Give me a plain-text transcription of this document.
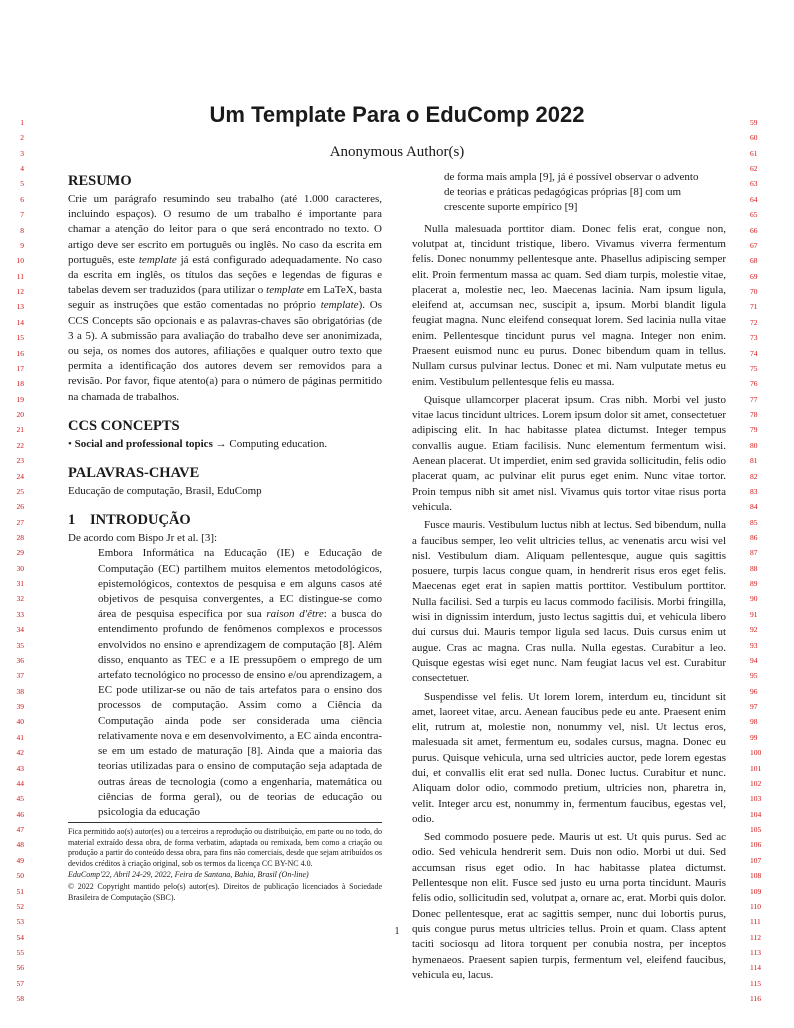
1
2
3
4
5
6
7
8
9
10
11
12
13
14
15
16
17
18
19
20
21
22
23
24
25
26
27
28
29
30
31
32
33
34
35
36
37
38
39
40
41
42
43
44
45
46
47
48
49
50
51
52
53
54
55
56
57
58
59
60
61
62
63
64
65
66
67
68
69
70
71
72
73
74
75
76
77
78
79
80
81
82
83
84
85
86
87
88
89
90
91
92
93
94
95
96
97
98
99
100
101
102
103
104
105
106
107
108
109
110
111
112
113
114
115
116
Um Template Para o EduComp 2022
Anonymous Author(s)
RESUMO

Crie um parágrafo resumindo seu trabalho (até 1.000 caracteres, incluindo espaços). O resumo de um trabalho é importante para chamar a atenção do leitor para o que será encontrado no texto. O artigo deve ser escrito em português ou inglês. No caso da escrita em português, este template já está configurado adequadamente. No caso da escrita em inglês, os títulos das seções e legendas de figuras e tabelas devem ser traduzidos (para utilizar o template em LaTeX, basta seguir as instruções que estão comentadas no próprio template). Os CCS Concepts são opcionais e as palavras-chaves são obrigatórias (de 3 a 5). A submissão para avaliação do trabalho deve ser anonimizada, ou seja, os nomes dos autores, afiliações e qualquer outro texto que permita a identificação dos autores devem ser removidos para a revisão. Por favor, fique atento(a) para o número de páginas permitido na chamada de trabalhos.

CCS CONCEPTS

• Social and professional topics → Computing education.

PALAVRAS-CHAVE

Educação de computação, Brasil, EduComp

1 INTRODUÇÃO

De acordo com Bispo Jr et al. [3]:

Embora Informática na Educação (IE) e Educação de Computação (EC) partilhem muitos elementos metodológicos, epistemológicos, contextos de pesquisa e em alguns casos até objetivos de pesquisa convergentes, a EC distingue-se como área de pesquisa específica por sua raison d'être: a busca do entendimento profundo de fenômenos complexos e processos envolvidos no ensino e aprendizagem de computação [8]. Além disso, enquanto as TEC e a IE pressupõem o emprego de um artefato tecnológico no processo de ensino e/ou aprendizagem, a EC pode utilizar-se ou não de tais artefatos para o ensino dos processos de computação. Assim como a Ciência da Computação ainda pode ser considerada uma ciência relativamente nova e em desenvolvimento, a EC ainda encontra-se em um estado de maturação [8]. Ainda que a maioria das teorias utilizadas para o ensino de computação seja adaptada de outras áreas de tecnologia (como a engenharia, matemática ou ciências de forma geral), ou de teorias de educação ou psicologia da educação

de forma mais ampla [9], já é possível observar o advento de teorias e práticas pedagógicas próprias [8] com um crescente suporte empírico [9]

Nulla malesuada porttitor diam. Donec felis erat, congue non, volutpat at, tincidunt tristique, libero. Vivamus viverra fermentum felis. Donec nonummy pellentesque ante. Phasellus adipiscing semper elit. Proin fermentum massa ac quam. Sed diam turpis, molestie vitae, placerat a, molestie nec, leo. Maecenas lacinia. Nam ipsum ligula, eleifend at, accumsan nec, suscipit a, ipsum. Morbi blandit ligula feugiat magna. Nunc eleifend consequat lorem. Sed lacinia nulla vitae enim. Pellentesque tincidunt purus vel magna. Integer non enim. Praesent euismod nunc eu purus. Donec bibendum quam in tellus. Nullam cursus pulvinar lectus. Donec et mi. Nam vulputate metus eu enim. Vestibulum pellentesque felis eu massa.

Quisque ullamcorper placerat ipsum. Cras nibh. Morbi vel justo vitae lacus tincidunt ultrices. Lorem ipsum dolor sit amet, consectetuer adipiscing elit. In hac habitasse platea dictumst. Integer tempus convallis augue. Etiam facilisis. Nunc elementum fermentum wisi. Aenean placerat. Ut imperdiet, enim sed gravida sollicitudin, felis odio placerat quam, ac pulvinar elit purus eget enim. Nunc vitae tortor. Proin tempus nibh sit amet nisl. Vivamus quis tortor vitae risus porta vehicula.

Fusce mauris. Vestibulum luctus nibh at lectus. Sed bibendum, nulla a faucibus semper, leo velit ultricies tellus, ac venenatis arcu wisi vel nisl. Vestibulum diam. Aliquam pellentesque, augue quis sagittis posuere, turpis lacus congue quam, in hendrerit risus eros eget felis. Maecenas eget erat in sapien mattis porttitor. Vestibulum porttitor. Nulla facilisi. Sed a turpis eu lacus commodo facilisis. Morbi fringilla, wisi in dignissim interdum, justo lectus sagittis dui, et vehicula libero dui cursus dui. Mauris tempor ligula sed lacus. Duis cursus enim ut augue. Cras ac magna. Cras nulla. Nulla egestas. Curabitur a leo. Quisque egestas wisi eget nunc. Nam feugiat lacus vel est. Curabitur consectetuer.

Suspendisse vel felis. Ut lorem lorem, interdum eu, tincidunt sit amet, laoreet vitae, arcu. Aenean faucibus pede eu ante. Praesent enim elit, rutrum at, molestie non, nonummy vel, nisl. Ut lectus eros, malesuada sit amet, fermentum eu, sodales cursus, magna. Donec eu purus. Quisque vehicula, urna sed ultricies auctor, pede lorem egestas dui, et convallis elit erat sed nulla. Donec luctus. Curabitur et nunc. Aliquam dolor odio, commodo pretium, ultricies non, pharetra in, velit. Integer arcu est, nonummy in, fermentum faucibus, egestas vel, odio.

Sed commodo posuere pede. Mauris ut est. Ut quis purus. Sed ac odio. Sed vehicula hendrerit sem. Duis non odio. Morbi ut dui. Sed accumsan risus eget odio. In hac habitasse platea dictumst. Pellentesque non elit. Fusce sed justo eu urna porta tincidunt. Mauris felis odio, sollicitudin sed, volutpat a, ornare ac, erat. Morbi quis dolor. Donec pellentesque, erat ac sagittis semper, nunc dui lobortis purus, quis congue purus metus ultricies tellus. Proin et quam. Class aptent taciti sociosqu ad litora torquent per conubia nostra, per inceptos hymenaeos. Praesent sapien turpis, fermentum vel, eleifend faucibus, vehicula eu, lacus.

Fica permitido ao(s) autor(es) ou a terceiros a reprodução ou distribuição, em parte ou no todo, do material extraído dessa obra, de forma verbatim, adaptada ou remixada, bem como a criação ou produção a partir do conteúdo dessa obra, para fins não comerciais, desde que sejam atribuídos os devidos créditos à criação original, sob os termos da licença CC BY-NC 4.0.

EduComp'22, Abril 24-29, 2022, Feira de Santana, Bahia, Brasil (On-line)

© 2022 Copyright mantido pelo(s) autor(es). Direitos de publicação licenciados à Sociedade Brasileira de Computação (SBC).

1
